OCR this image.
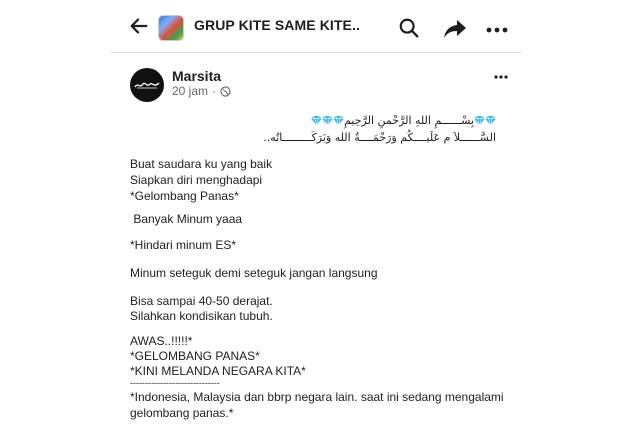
GRUP KITE SAME KITE..
Marsita
20 jam ·
بِسْــــــمِ اللهِ الرَّحْمنِ الرَّحِيمِ
السَّــــــلاَ م عَلَيــــكُم وَرَحْمَــــةُ الله وَبَرَكَـــــــــاتُه..
Buat saudara ku yang baik
Siapkan diri menghadapi
*Gelombang Panas*
Banyak Minum yaaa
*Hindari minum ES*
Minum seteguk demi seteguk jangan langsung
Bisa sampai 40-50 derajat.
Silahkan kondisikan tubuh.
AWAS..!!!!!*
*GELOMBANG PANAS*
*KINI MELANDA NEGARA KITA*
------------------------------
*Indonesia, Malaysia dan bbrp negara lain. saat ini sedang mengalami
gelombang panas.*
